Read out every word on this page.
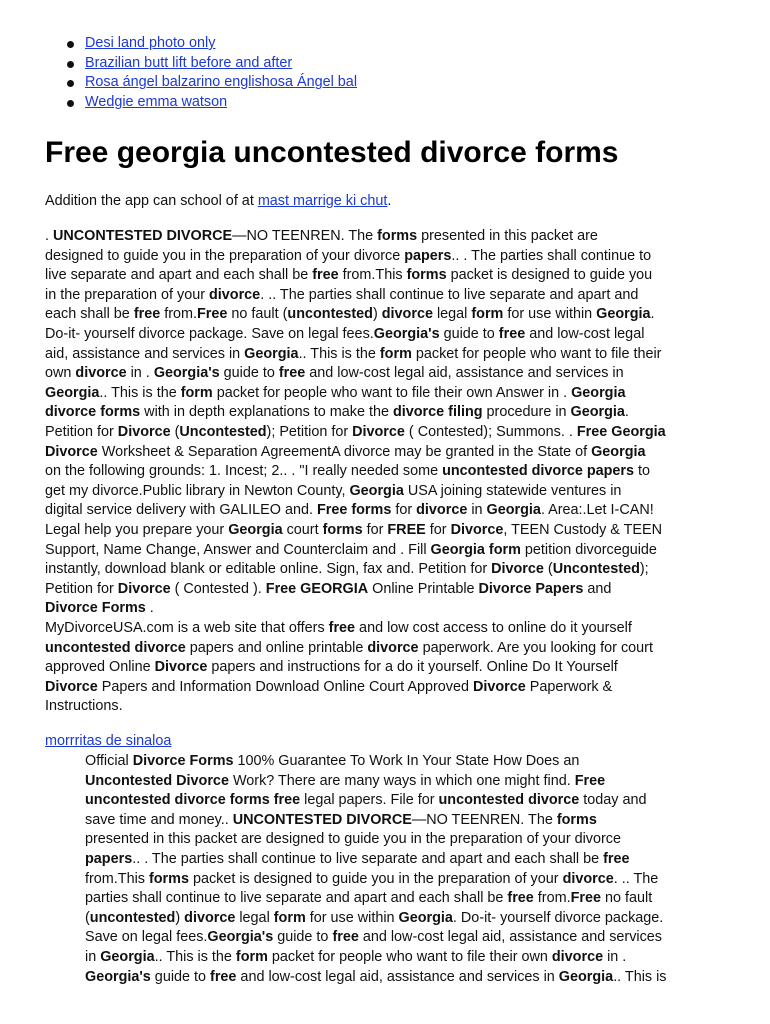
Desi land photo only
Brazilian butt lift before and after
Rosa ángel balzarino englishosa Ángel bal
Wedgie emma watson
Free georgia uncontested divorce forms

Addition the app can school of at mast marrige ki chut.

. UNCONTESTED DIVORCE—NO TEENREN. The forms presented in this packet are
designed to guide you in the preparation of your divorce papers.. . The parties shall continue to
live separate and apart and each shall be free from.This forms packet is designed to guide you
in the preparation of your divorce. .. The parties shall continue to live separate and apart and
each shall be free from.Free no fault (uncontested) divorce legal form for use within Georgia.
Do-it- yourself divorce package. Save on legal fees.Georgia's guide to free and low-cost legal
aid, assistance and services in Georgia.. This is the form packet for people who want to file their
own divorce in . Georgia's guide to free and low-cost legal aid, assistance and services in
Georgia.. This is the form packet for people who want to file their own Answer in . Georgia
divorce forms with in depth explanations to make the divorce filing procedure in Georgia.
Petition for Divorce (Uncontested); Petition for Divorce ( Contested); Summons. . Free Georgia
Divorce Worksheet & Separation AgreementA divorce may be granted in the State of Georgia
on the following grounds: 1. Incest; 2.. . "I really needed some uncontested divorce papers to
get my divorce.Public library in Newton County, Georgia USA joining statewide ventures in
digital service delivery with GALILEO and. Free forms for divorce in Georgia. Area:.Let I-CAN!
Legal help you prepare your Georgia court forms for FREE for Divorce, TEEN Custody & TEEN
Support, Name Change, Answer and Counterclaim and . Fill Georgia form petition divorceguide
instantly, download blank or editable online. Sign, fax and. Petition for Divorce (Uncontested);
Petition for Divorce ( Contested ). Free GEORGIA Online Printable Divorce Papers and
Divorce Forms .
MyDivorceUSA.com is a web site that offers free and low cost access to online do it yourself
uncontested divorce papers and online printable divorce paperwork. Are you looking for court
approved Online Divorce papers and instructions for a do it yourself. Online Do It Yourself
Divorce Papers and Information Download Online Court Approved Divorce Paperwork &
Instructions.

morrritas de sinaloa

Official Divorce Forms 100% Guarantee To Work In Your State How Does an
Uncontested Divorce Work? There are many ways in which one might find. Free
uncontested divorce forms free legal papers. File for uncontested divorce today and
save time and money.. UNCONTESTED DIVORCE—NO TEENREN. The forms
presented in this packet are designed to guide you in the preparation of your divorce
papers.. . The parties shall continue to live separate and apart and each shall be free
from.This forms packet is designed to guide you in the preparation of your divorce. .. The
parties shall continue to live separate and apart and each shall be free from.Free no fault
(uncontested) divorce legal form for use within Georgia. Do-it- yourself divorce package.
Save on legal fees.Georgia's guide to free and low-cost legal aid, assistance and services
in Georgia.. This is the form packet for people who want to file their own divorce in .
Georgia's guide to free and low-cost legal aid, assistance and services in Georgia.. This is
